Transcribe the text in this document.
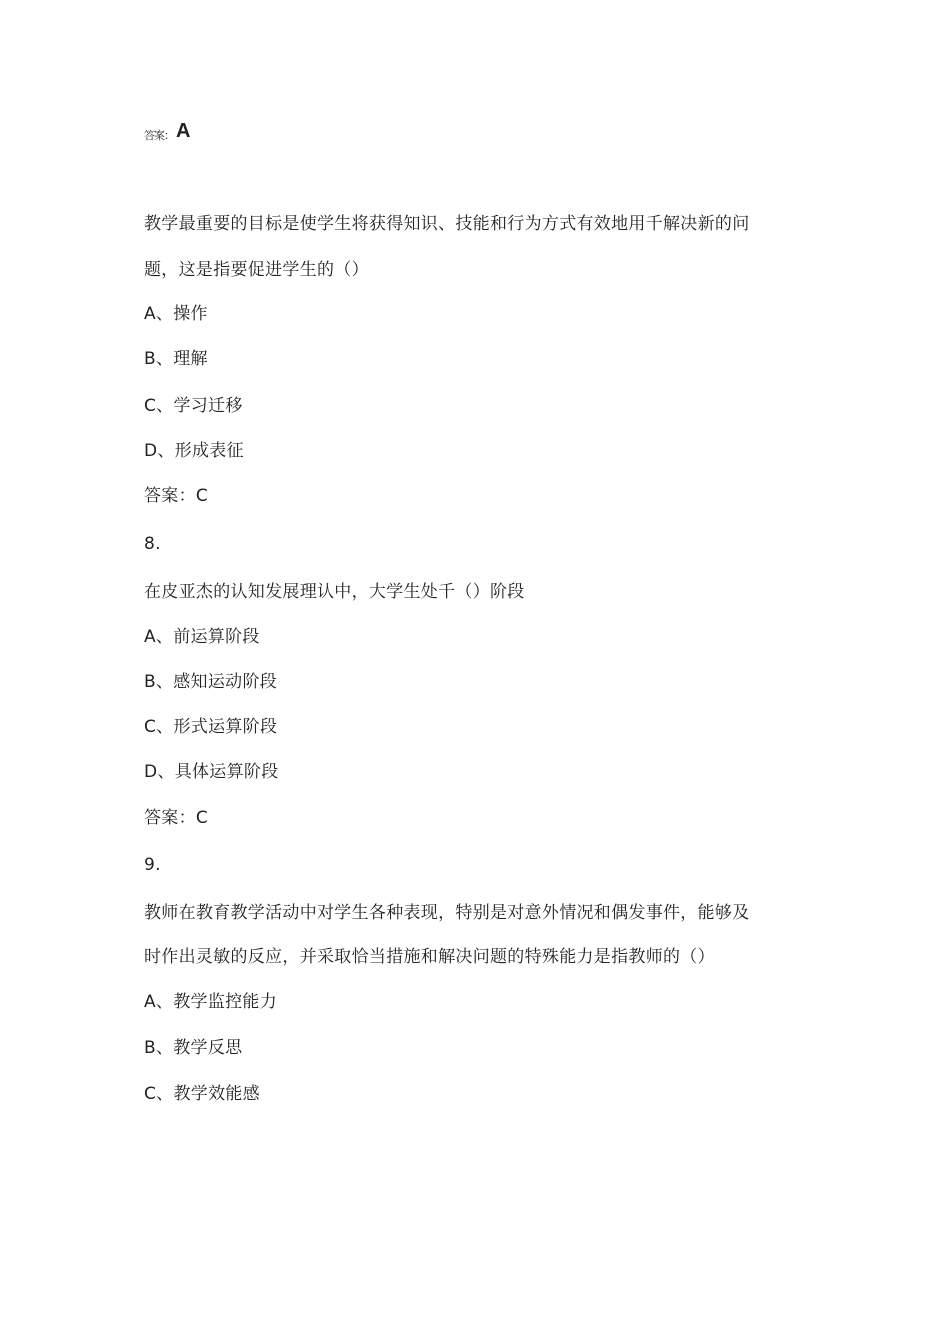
答案： A
教学最重要的目标是使学生将获得知识、技能和行为方式有效地用千解决新的问
题，这是指要促进学生的（）
A、操作
B、理解
C、学习迁移
D、形成表征
答案：C
8.
在皮亚杰的认知发展理认中，大学生处千（）阶段
A、前运算阶段
B、感知运动阶段
C、形式运算阶段
D、具体运算阶段
答案：C
9.
教师在教育教学活动中对学生各种表现，特别是对意外情况和偶发事件，能够及
时作出灵敏的反应，并采取恰当措施和解决问题的特殊能力是指教师的（）
A、教学监控能力
B、教学反思
C、教学效能感
